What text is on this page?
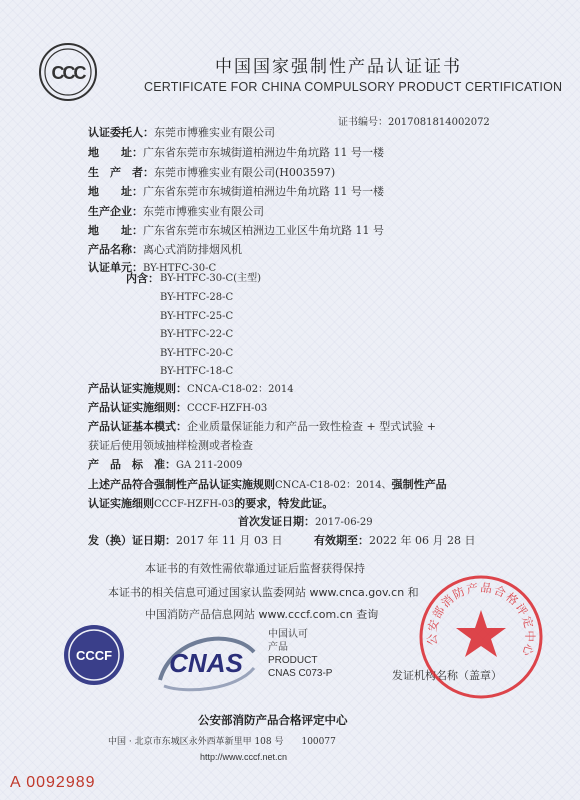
CCC	中国国家强制性产品认证证书
CERTIFICATE FOR CHINA COMPULSORY PRODUCT CERTIFICATION
证书编号：2017081814002072
认证委托人：东莞市博雅实业有限公司
地　　址：广东省东莞市东城街道柏洲边牛角坑路 11 号一楼
生　产　者：东莞市博雅实业有限公司(H003597)
地　　址：广东省东莞市东城街道柏洲边牛角坑路 11 号一楼
生产企业：东莞市博雅实业有限公司
地　　址：广东省东莞市东城区柏洲边工业区牛角坑路 11 号
产品名称：离心式消防排烟风机
认证单元：BY-HTFC-30-C
内含： BY-HTFC-30-C(主型)
BY-HTFC-28-C
BY-HTFC-25-C
BY-HTFC-22-C
BY-HTFC-20-C
BY-HTFC-18-C
产品认证实施规则：CNCA-C18-02：2014
产品认证实施细则：CCCF-HZFH-03
产品认证基本模式：企业质量保证能力和产品一致性检查 + 型式试验 +
获证后使用领域抽样检测或者检查
产　品　标　准：GA 211-2009
上述产品符合强制性产品认证实施规则CNCA-C18-02：2014、强制性产品
认证实施细则CCCF-HZFH-03的要求，特发此证。
首次发证日期：2017-06-29
发（换）证日期：2017 年 11 月 03 日	有效期至：2022 年 06 月 28 日
本证书的有效性需依靠通过证后监督获得保持
本证书的相关信息可通过国家认监委网站 www.cnca.gov.cn 和
中国消防产品信息网站 www.cccf.com.cn 查询
CCCF CNAS
中国认可
产品
PRODUCT
CNAS C073-P	发证机构名称（盖章）
公安部消防产品合格评定中心
公安部消防产品合格评定中心
中国 · 北京市东城区永外西革新里甲 108 号　　100077
http://www.cccf.net.cn
A 0092989
